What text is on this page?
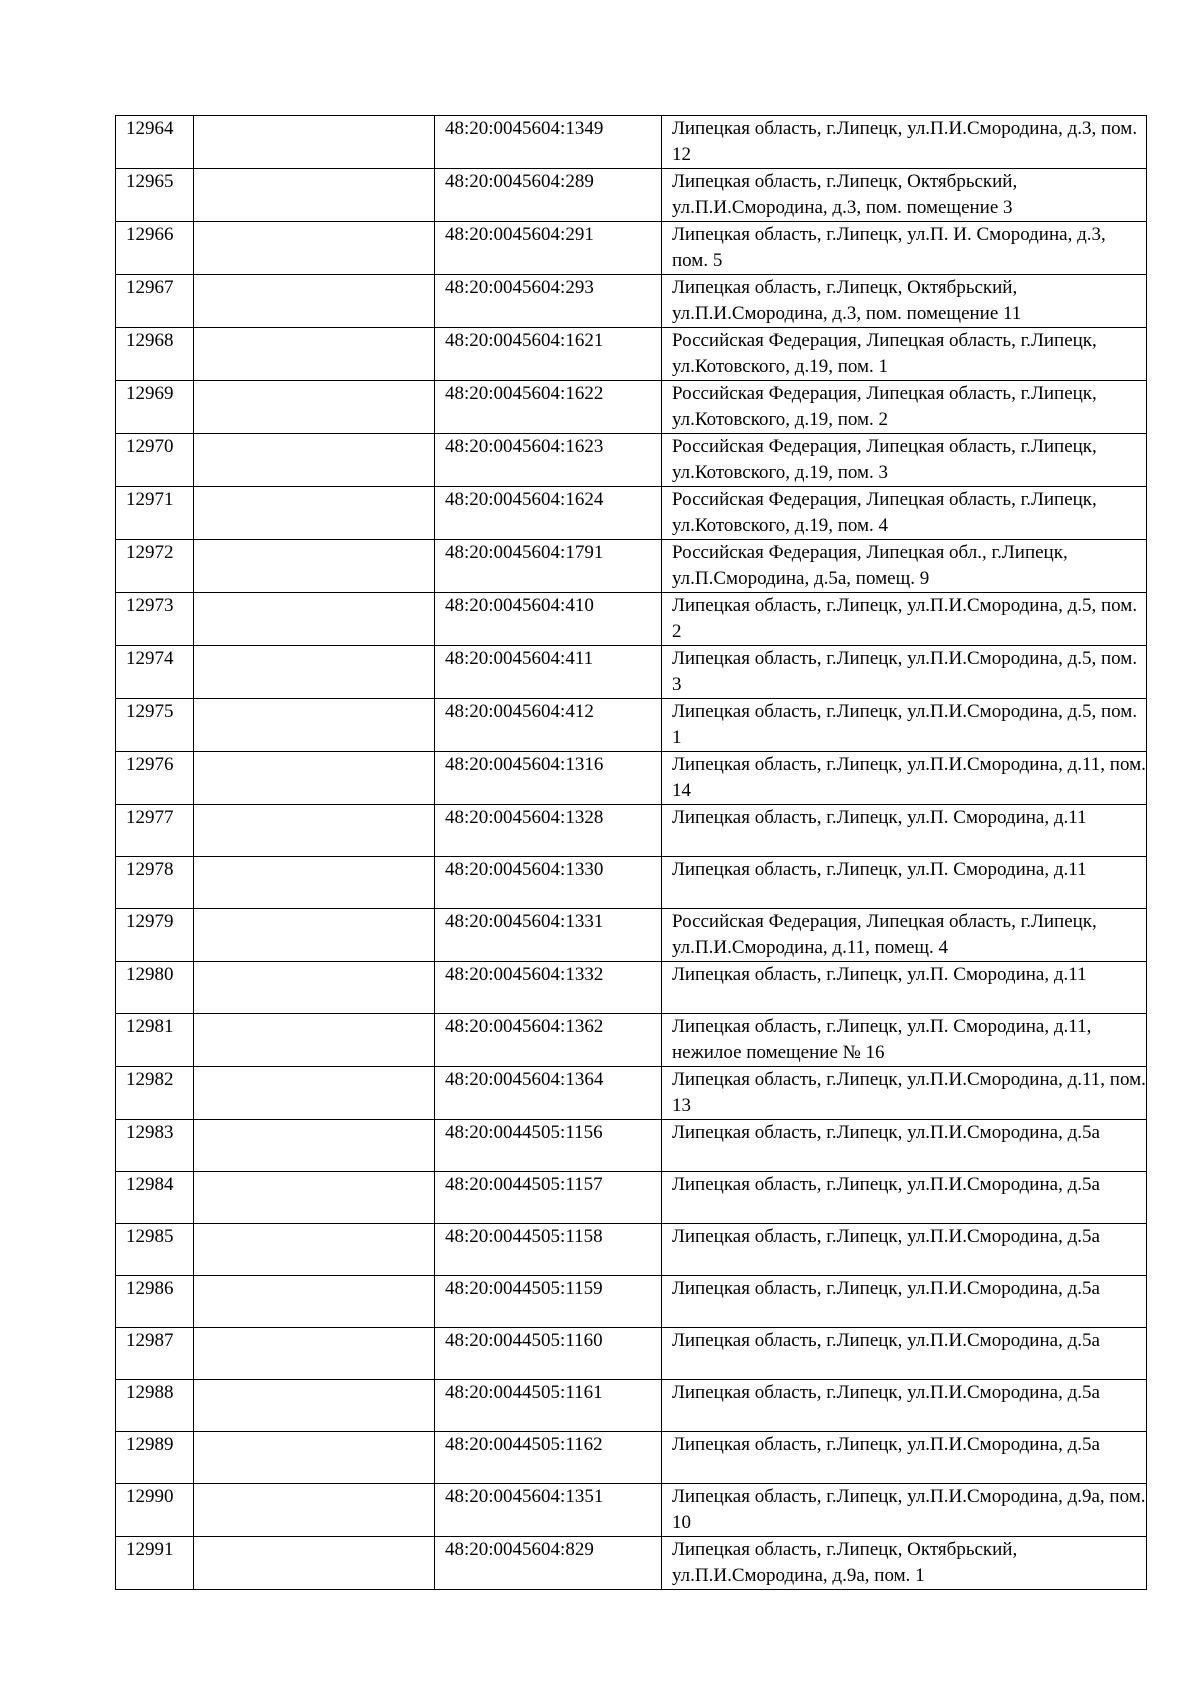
12964		48:20:0045604:1349	Липецкая область, г.Липецк, ул.П.И.Смородина, д.3, пом. 12
12965		48:20:0045604:289	Липецкая область, г.Липецк, Октябрьский, ул.П.И.Смородина, д.3, пом. помещение 3
12966		48:20:0045604:291	Липецкая область, г.Липецк, ул.П. И. Смородина, д.3, пом. 5
12967		48:20:0045604:293	Липецкая область, г.Липецк, Октябрьский, ул.П.И.Смородина, д.3, пом. помещение 11
12968		48:20:0045604:1621	Российская Федерация, Липецкая область, г.Липецк, ул.Котовского, д.19, пом. 1
12969		48:20:0045604:1622	Российская Федерация, Липецкая область, г.Липецк, ул.Котовского, д.19, пом. 2
12970		48:20:0045604:1623	Российская Федерация, Липецкая область, г.Липецк, ул.Котовского, д.19, пом. 3
12971		48:20:0045604:1624	Российская Федерация, Липецкая область, г.Липецк, ул.Котовского, д.19, пом. 4
12972		48:20:0045604:1791	Российская Федерация, Липецкая обл., г.Липецк, ул.П.Смородина, д.5а, помещ. 9
12973		48:20:0045604:410	Липецкая область, г.Липецк, ул.П.И.Смородина, д.5, пом. 2
12974		48:20:0045604:411	Липецкая область, г.Липецк, ул.П.И.Смородина, д.5, пом. 3
12975		48:20:0045604:412	Липецкая область, г.Липецк, ул.П.И.Смородина, д.5, пом. 1
12976		48:20:0045604:1316	Липецкая область, г.Липецк, ул.П.И.Смородина, д.11, пом. 14
12977		48:20:0045604:1328	Липецкая область, г.Липецк, ул.П. Смородина, д.11
12978		48:20:0045604:1330	Липецкая область, г.Липецк, ул.П. Смородина, д.11
12979		48:20:0045604:1331	Российская Федерация, Липецкая область, г.Липецк, ул.П.И.Смородина, д.11, помещ. 4
12980		48:20:0045604:1332	Липецкая область, г.Липецк, ул.П. Смородина, д.11
12981		48:20:0045604:1362	Липецкая область, г.Липецк, ул.П. Смородина, д.11, нежилое помещение № 16
12982		48:20:0045604:1364	Липецкая область, г.Липецк, ул.П.И.Смородина, д.11, пом. 13
12983		48:20:0044505:1156	Липецкая область, г.Липецк, ул.П.И.Смородина, д.5а
12984		48:20:0044505:1157	Липецкая область, г.Липецк, ул.П.И.Смородина, д.5а
12985		48:20:0044505:1158	Липецкая область, г.Липецк, ул.П.И.Смородина, д.5а
12986		48:20:0044505:1159	Липецкая область, г.Липецк, ул.П.И.Смородина, д.5а
12987		48:20:0044505:1160	Липецкая область, г.Липецк, ул.П.И.Смородина, д.5а
12988		48:20:0044505:1161	Липецкая область, г.Липецк, ул.П.И.Смородина, д.5а
12989		48:20:0044505:1162	Липецкая область, г.Липецк, ул.П.И.Смородина, д.5а
12990		48:20:0045604:1351	Липецкая область, г.Липецк, ул.П.И.Смородина, д.9а, пом. 10
12991		48:20:0045604:829	Липецкая область, г.Липецк, Октябрьский, ул.П.И.Смородина, д.9а, пом. 1
